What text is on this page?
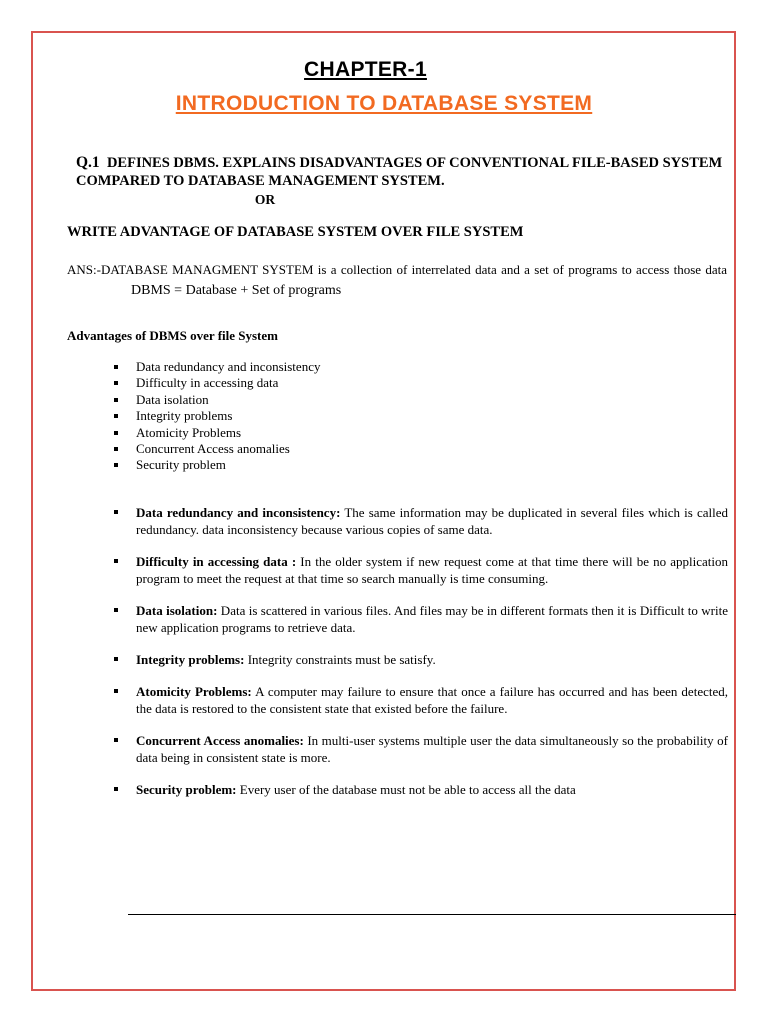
CHAPTER-1
INTRODUCTION TO DATABASE SYSTEM
Q.1 DEFINES DBMS. EXPLAINS DISADVANTAGES OF CONVENTIONAL FILE-BASED SYSTEM COMPARED TO DATABASE MANAGEMENT SYSTEM.
OR
WRITE ADVANTAGE OF DATABASE SYSTEM OVER FILE SYSTEM
ANS:-DATABASE MANAGMENT SYSTEM is a collection of interrelated data and a set of programs to access those data DBMS = Database + Set of programs
Advantages of DBMS over file System
Data redundancy and inconsistency
Difficulty in accessing data
Data isolation
Integrity problems
Atomicity Problems
Concurrent Access anomalies
Security problem
Data redundancy and inconsistency: The same information may be duplicated in several files which is called redundancy. data inconsistency because various copies of same data.
Difficulty in accessing data : In the older system if new request come at that time there will be no application program to meet the request at that time so search manually is time consuming.
Data isolation: Data is scattered in various files. And files may be in different formats then it is Difficult to write new application programs to retrieve data.
Integrity problems: Integrity constraints must be satisfy.
Atomicity Problems: A computer may failure to ensure that once a failure has occurred and has been detected, the data is restored to the consistent state that existed before the failure.
Concurrent Access anomalies: In multi-user systems multiple user the data simultaneously so the probability of data being in consistent state is more.
Security problem: Every user of the database must not be able to access all the data
